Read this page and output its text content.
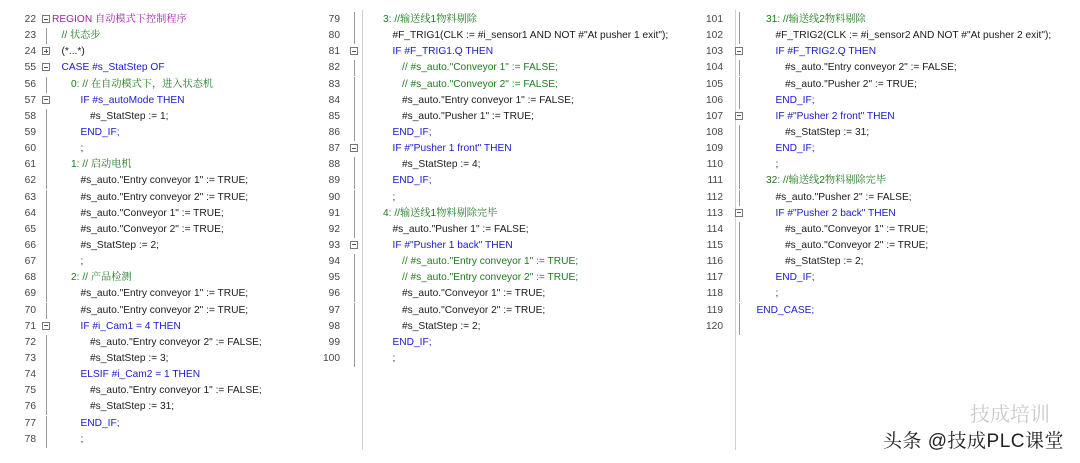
22 REGION 自动模式下控制程序
23	// 状态步
24	(*...*)
55	CASE #s_StatStep OF
56	0: // 在自动模式下，进入状态机
57	IF #s_autoMode THEN
58	#s_StatStep := 1;
59	END_IF;
60	;
61	1: // 启动电机
62	#s_auto."Entry conveyor 1" := TRUE;
63	#s_auto."Entry conveyor 2" := TRUE;
64	#s_auto."Conveyor 1" := TRUE;
65	#s_auto."Conveyor 2" := TRUE;
66	#s_StatStep := 2;
67	;
68	2: // 产品检测
69	#s_auto."Entry conveyor 1" := TRUE;
70	#s_auto."Entry conveyor 2" := TRUE;
71	IF #i_Cam1 = 4 THEN
72	#s_auto."Entry conveyor 2" := FALSE;
73	#s_StatStep := 3;
74	ELSIF #i_Cam2 = 1 THEN
75	#s_auto."Entry conveyor 1" := FALSE;
76	#s_StatStep := 31;
77	END_IF;
78	;
79	3: //输送线1物料剔除
80	#F_TRIG1(CLK := #i_sensor1 AND NOT #"At pusher 1 exit");
81	IF #F_TRIG1.Q THEN
82	// #s_auto."Conveyor 1" := FALSE;
83	// #s_auto."Conveyor 2" := FALSE;
84	#s_auto."Entry conveyor 1" := FALSE;
85	#s_auto."Pusher 1" := TRUE;
86	END_IF;
87	IF #"Pusher 1 front" THEN
88	#s_StatStep := 4;
89	END_IF;
90	;
91	4: //输送线1物料剔除完毕
92	#s_auto."Pusher 1" := FALSE;
93	IF #"Pusher 1 back" THEN
94	// #s_auto."Entry conveyor 1" := TRUE;
95	// #s_auto."Entry conveyor 2" := TRUE;
96	#s_auto."Conveyor 1" := TRUE;
97	#s_auto."Conveyor 2" := TRUE;
98	#s_StatStep := 2;
99	END_IF;
100	;
101	31: //输送线2物料剔除
102	#F_TRIG2(CLK := #i_sensor2 AND NOT #"At pusher 2 exit");
103	IF #F_TRIG2.Q THEN
104	#s_auto."Entry conveyor 2" := FALSE;
105	#s_auto."Pusher 2" := TRUE;
106	END_IF;
107	IF #"Pusher 2 front" THEN
108	#s_StatStep := 31;
109	END_IF;
110	;
111	32: //输送线2物料剔除完毕
112	#s_auto."Pusher 2" := FALSE;
113	IF #"Pusher 2 back" THEN
114	#s_auto."Conveyor 1" := TRUE;
115	#s_auto."Conveyor 2" := TRUE;
116	#s_StatStep := 2;
117	END_IF;
118	;
119	END_CASE;
120
技成培训
头条 @技成PLC课堂
